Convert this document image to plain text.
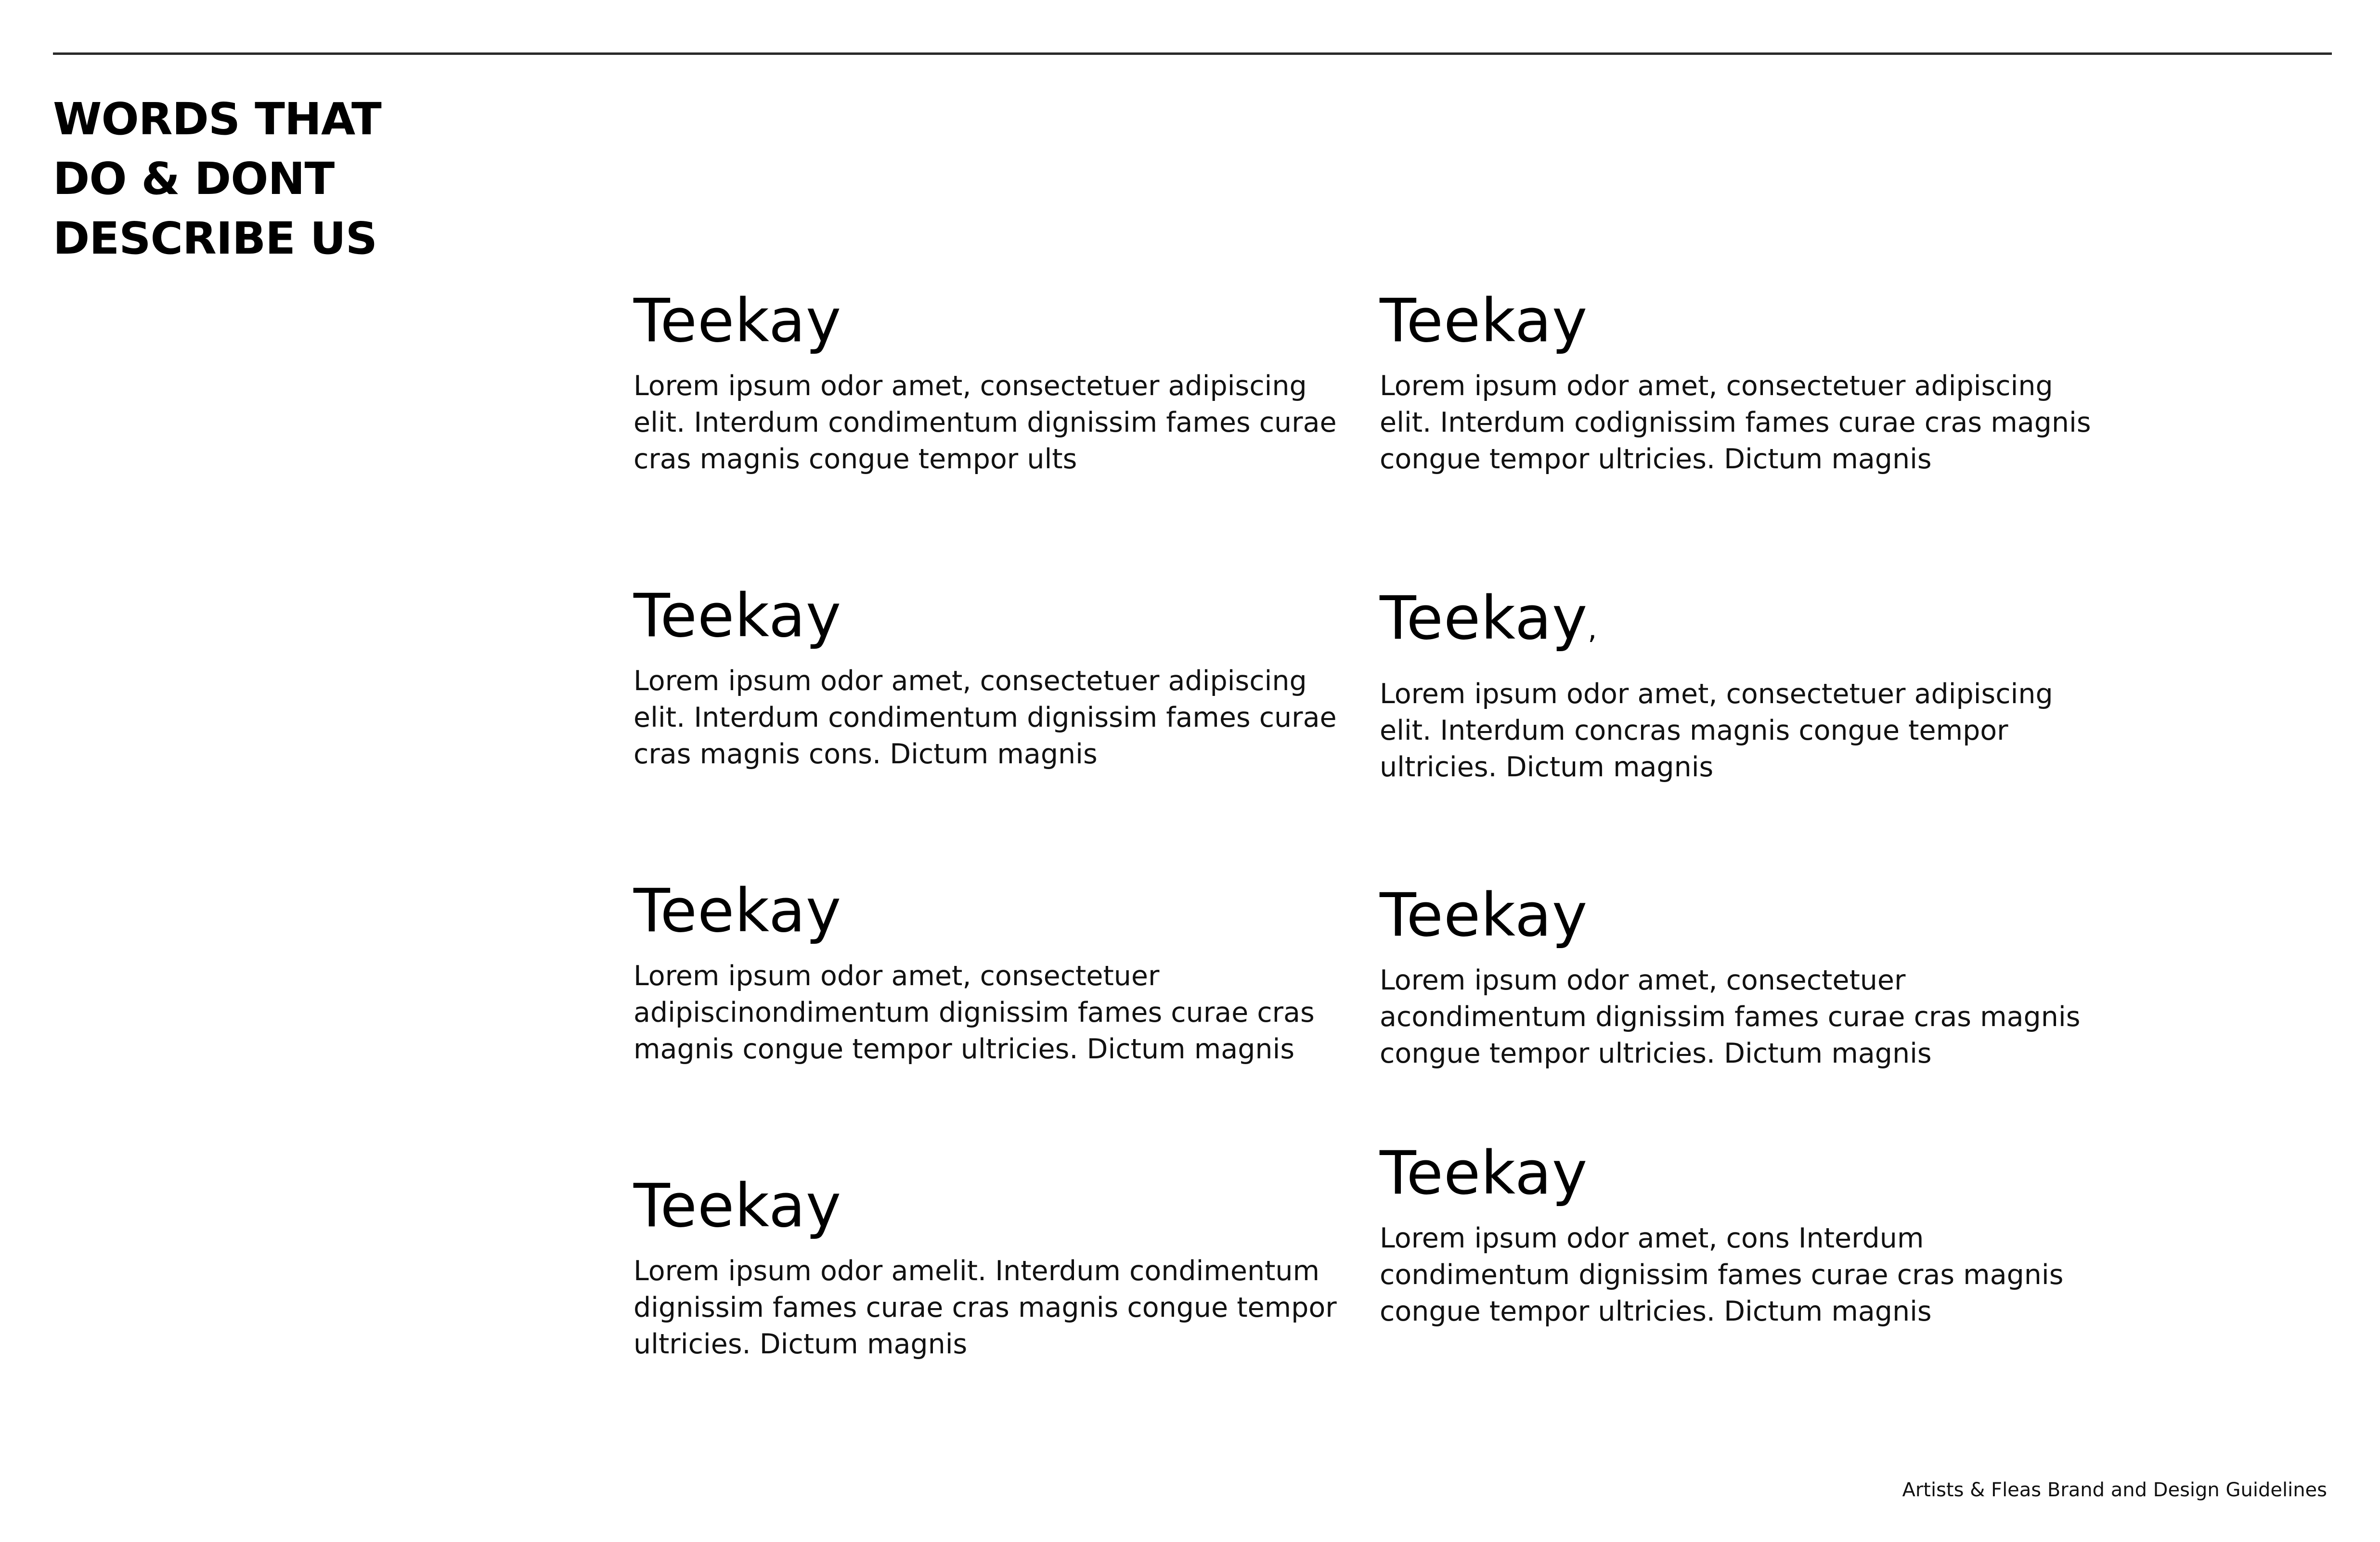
WORDS THAT
DO & DONT
DESCRIBE US
Teekay

Lorem ipsum odor amet, consectetuer adipiscing
elit. Interdum condimentum dignissim fames curae
cras magnis congue tempor ults

Teekay

Lorem ipsum odor amet, consectetuer adipiscing
elit. Interdum condimentum dignissim fames curae
cras magnis cons. Dictum magnis

Teekay

Lorem ipsum odor amet, consectetuer
adipiscinondimentum dignissim fames curae cras
magnis congue tempor ultricies. Dictum magnis

Teekay

Lorem ipsum odor amelit. Interdum condimentum
dignissim fames curae cras magnis congue tempor
ultricies. Dictum magnis

Teekay

Lorem ipsum odor amet, consectetuer adipiscing
elit. Interdum codignissim fames curae cras magnis
congue tempor ultricies. Dictum magnis

Teekay,

Lorem ipsum odor amet, consectetuer adipiscing
elit. Interdum concras magnis congue tempor
ultricies. Dictum magnis

Teekay

Lorem ipsum odor amet, consectetuer
acondimentum dignissim fames curae cras magnis
congue tempor ultricies. Dictum magnis

Teekay

Lorem ipsum odor amet, cons Interdum
condimentum dignissim fames curae cras magnis
congue tempor ultricies. Dictum magnis

Artists & Fleas Brand and Design Guidelines
